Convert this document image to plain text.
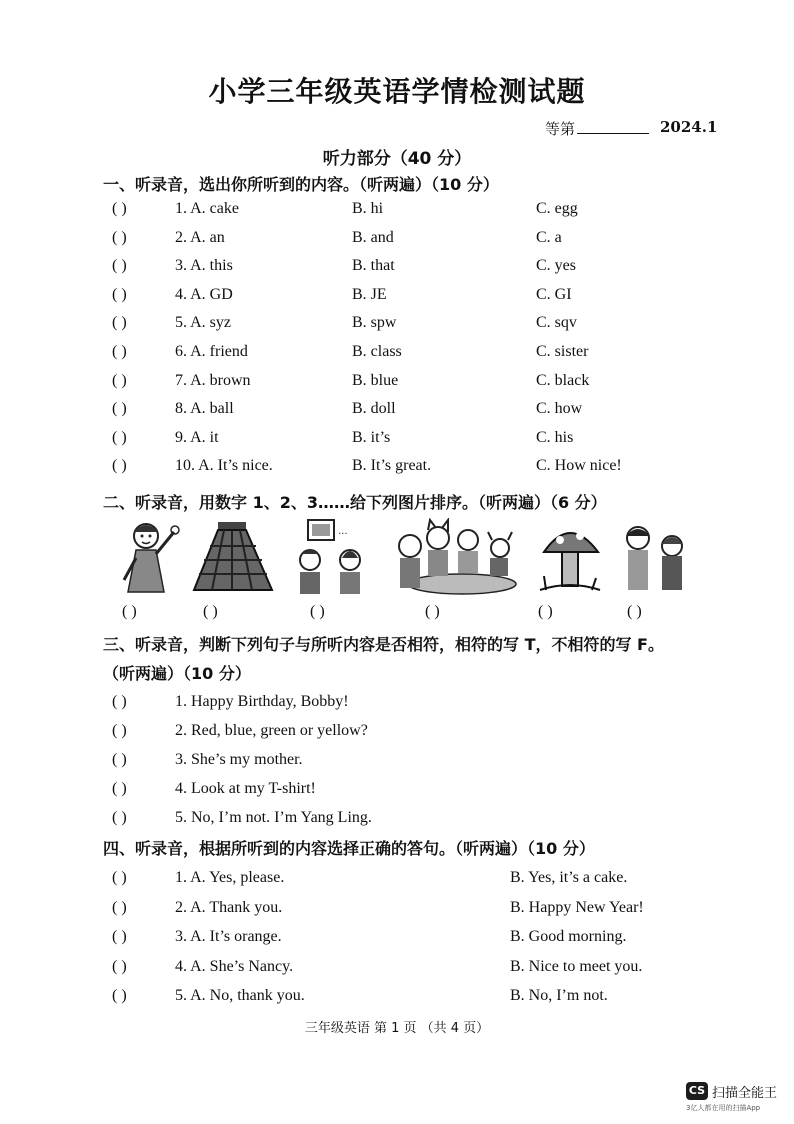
小学三年级英语学情检测试题
等第	2024.1
听力部分（40 分）
一、听录音，选出你所听到的内容。（听两遍）（10 分）
( )	1. A. cake	B. hi	C. egg
( )	2. A. an	B. and	C. a
( )	3. A. this	B. that	C. yes
( )	4. A. GD	B. JE	C. GI
( )	5. A. syz	B. spw	C. sqv
( )	6. A. friend	B. class	C. sister
( )	7. A. brown	B. blue	C. black
( )	8. A. ball	B. doll	C. how
( )	9. A. it	B. it’s	C. his
( )	10. A. It’s nice.	B. It’s great.	C. How nice!
二、听录音，用数字 1、2、3……给下列图片排序。（听两遍）（6 分）
...
( )	( )	( )	( )	( )	( )
三、听录音，判断下列句子与所听内容是否相符，相符的写 T，不相符的写 F。
（听两遍）（10 分）
( )	1. Happy Birthday, Bobby!
( )	2. Red, blue, green or yellow?
( )	3. She’s my mother.
( )	4. Look at my T-shirt!
( )	5. No, I’m not. I’m Yang Ling.
四、听录音，根据所听到的内容选择正确的答句。（听两遍）（10 分）
( )	1. A. Yes, please.	B. Yes, it’s a cake.
( )	2. A. Thank you.	B. Happy New Year!
( )	3. A. It’s orange.	B. Good morning.
( )	4. A. She’s Nancy.	B. Nice to meet you.
( )	5. A. No, thank you.	B. No, I’m not.
三年级英语 第 1 页 （共 4 页）
CS 扫描全能王
3亿人都在用的扫描App
